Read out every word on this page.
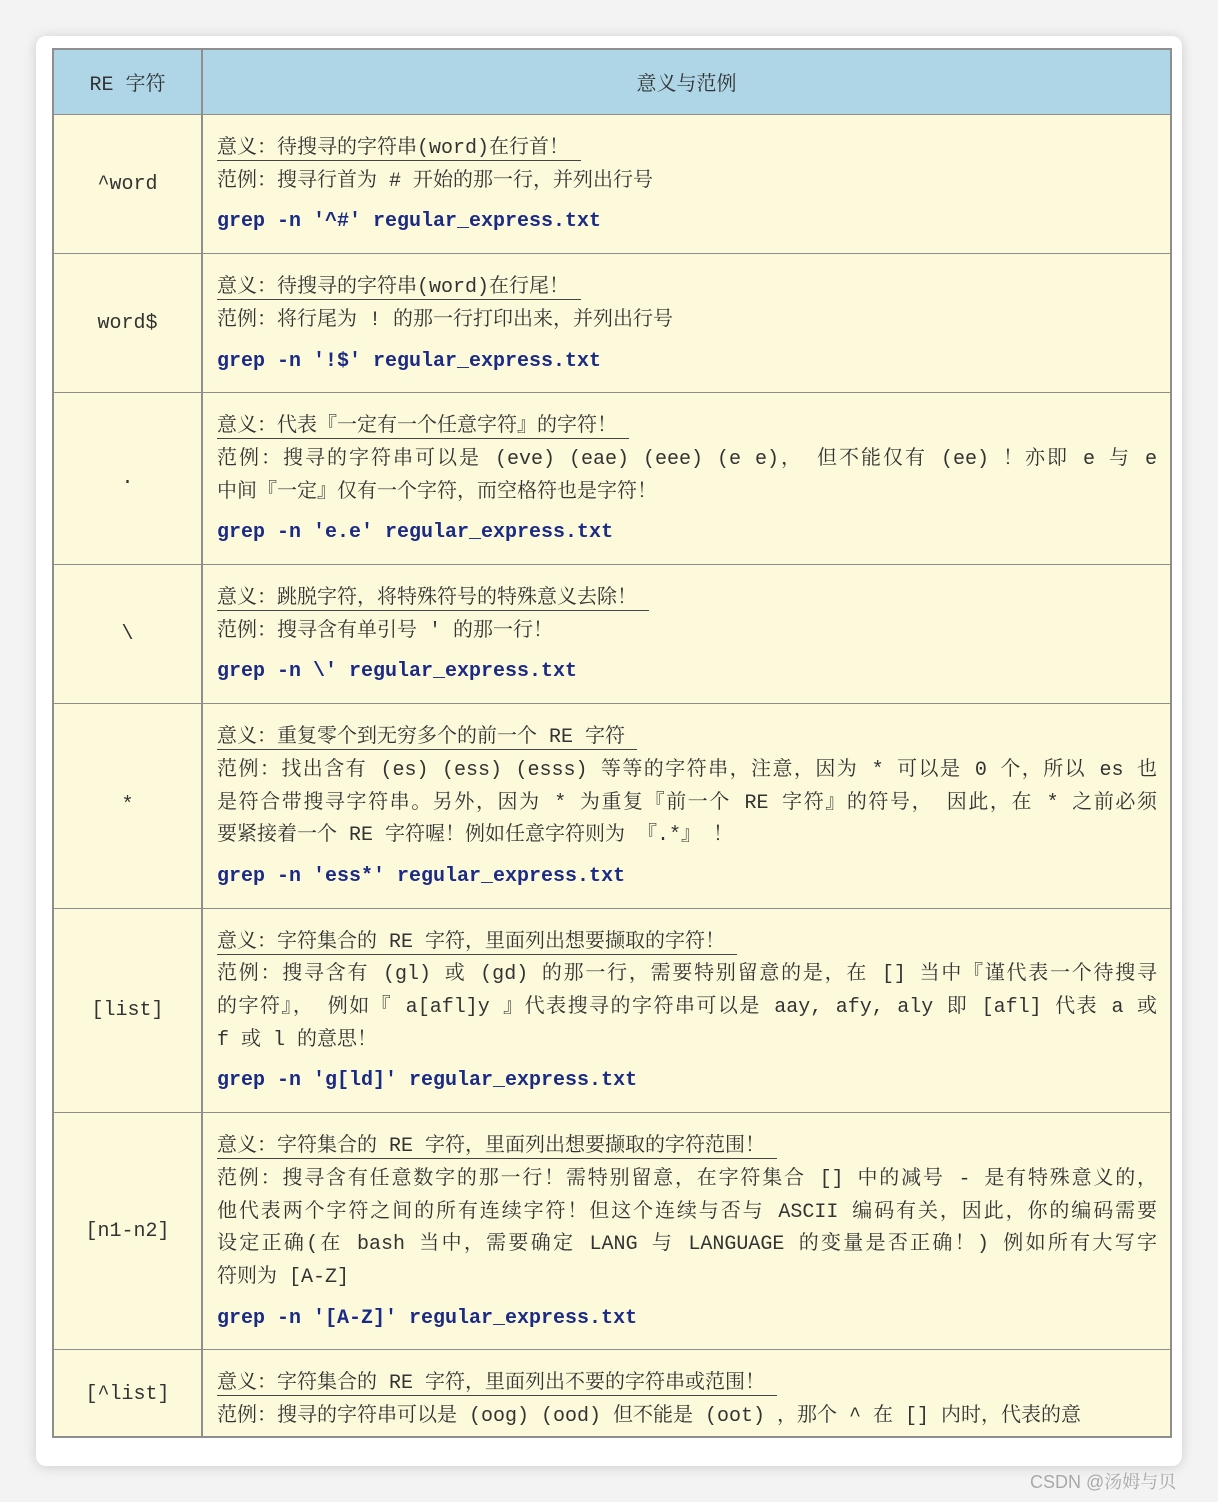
RE 字符	意义与范例
^word
意义：待搜寻的字符串(word)在行首！
范例：搜寻行首为 # 开始的那一行，并列出行号
grep -n '^#' regular_express.txt
word$
意义：待搜寻的字符串(word)在行尾！
范例：将行尾为 ! 的那一行打印出来，并列出行号
grep -n '!$' regular_express.txt
.
意义：代表『一定有一个任意字符』的字符！
范例：搜寻的字符串可以是 (eve) (eae) (eee) (e e)， 但不能仅有 (ee) ！亦即 e 与 e
中间『一定』仅有一个字符，而空格符也是字符！
grep -n 'e.e' regular_express.txt
\
意义：跳脱字符，将特殊符号的特殊意义去除！
范例：搜寻含有单引号 ' 的那一行！
grep -n \' regular_express.txt
*
意义：重复零个到无穷多个的前一个 RE 字符
范例：找出含有 (es) (ess) (esss) 等等的字符串，注意，因为 * 可以是 0 个，所以 es 也
是符合带搜寻字符串。另外，因为 * 为重复『前一个 RE 字符』的符号， 因此，在 * 之前必须
要紧接着一个 RE 字符喔！例如任意字符则为 『.*』 ！
grep -n 'ess*' regular_express.txt
[list]
意义：字符集合的 RE 字符，里面列出想要撷取的字符！
范例：搜寻含有 (gl) 或 (gd) 的那一行，需要特别留意的是，在 [] 当中『谨代表一个待搜寻
的字符』， 例如『 a[afl]y 』代表搜寻的字符串可以是 aay, afy, aly 即 [afl] 代表 a 或
f 或 l 的意思！
grep -n 'g[ld]' regular_express.txt
[n1-n2]
意义：字符集合的 RE 字符，里面列出想要撷取的字符范围！
范例：搜寻含有任意数字的那一行！需特别留意，在字符集合 [] 中的减号 - 是有特殊意义的，
他代表两个字符之间的所有连续字符！但这个连续与否与 ASCII 编码有关，因此，你的编码需要
设定正确(在 bash 当中，需要确定 LANG 与 LANGUAGE 的变量是否正确！) 例如所有大写字
符则为 [A-Z]
grep -n '[A-Z]' regular_express.txt
[^list]	意义：字符集合的 RE 字符，里面列出不要的字符串或范围！
范例：搜寻的字符串可以是 (oog) (ood) 但不能是 (oot) ，那个 ^ 在 [] 内时，代表的意
CSDN @汤姆与贝
